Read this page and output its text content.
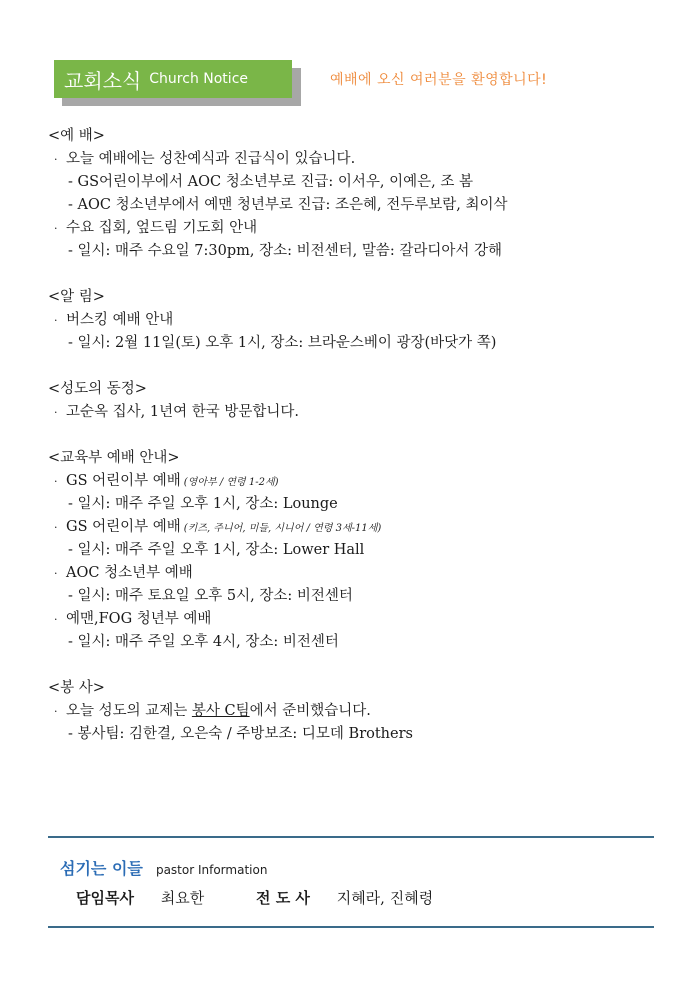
교회소식 Church Notice	예배에 오신 여러분을 환영합니다!
<예 배>
· 오늘 예배에는 성찬예식과 진급식이 있습니다.
- GS어린이부에서 AOC 청소년부로 진급: 이서우, 이예은, 조 봄
- AOC 청소년부에서 예맨 청년부로 진급: 조은혜, 전두루보람, 최이삭
· 수요 집회, 엎드림 기도회 안내
- 일시: 매주 수요일 7:30pm, 장소: 비전센터, 말씀: 갈라디아서 강해
<알 림>
· 버스킹 예배 안내
- 일시: 2월 11일(토) 오후 1시, 장소: 브라운스베이 광장(바닷가 쪽)
<성도의 동정>
· 고순옥 집사, 1년여 한국 방문합니다.
<교육부 예배 안내>
· GS 어린이부 예배 (영아부 / 연령 1-2세)
- 일시: 매주 주일 오후 1시, 장소: Lounge
· GS 어린이부 예배 (키즈, 주니어, 미들, 시니어 / 연령 3세-11세)
- 일시: 매주 주일 오후 1시, 장소: Lower Hall
· AOC 청소년부 예배
- 일시: 매주 토요일 오후 5시, 장소: 비전센터
· 예맨,FOG 청년부 예배
- 일시: 매주 주일 오후 4시, 장소: 비전센터
<봉 사>
· 오늘 성도의 교제는 봉사 C팀에서 준비했습니다.
- 봉사팀: 김한결, 오은숙 / 주방보조: 디모데 Brothers
섬기는 이들 pastor Information
담임목사 최요한	전 도 사 지혜라, 진혜령
